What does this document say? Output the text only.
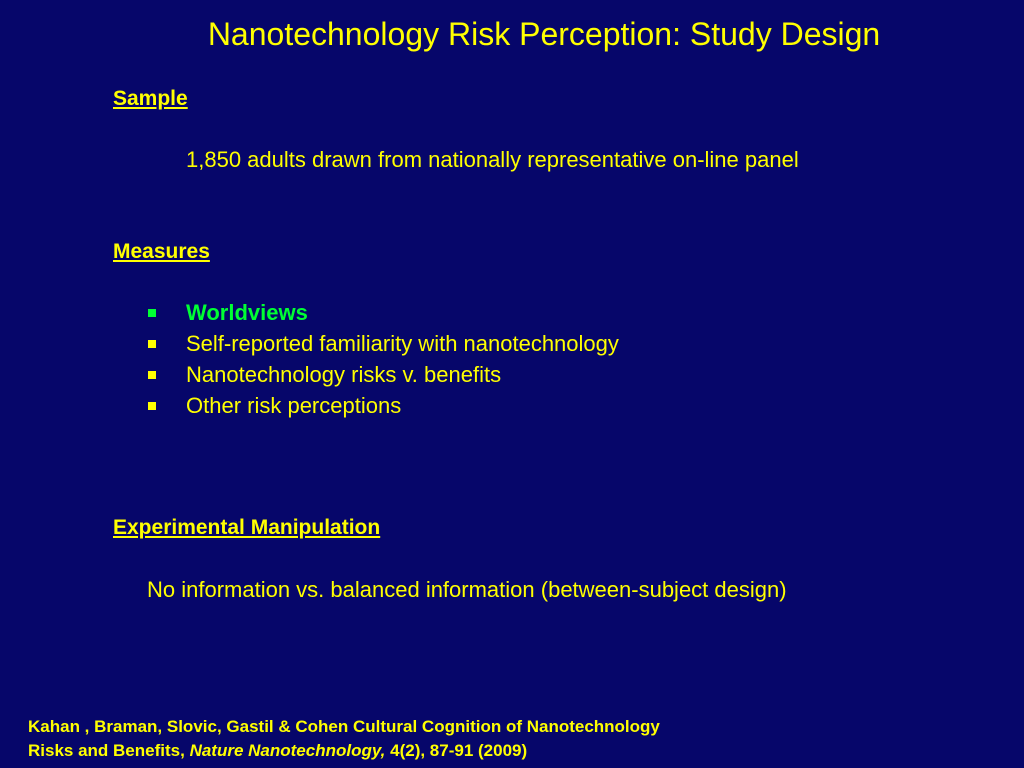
Nanotechnology Risk Perception: Study Design
Sample
1,850 adults drawn from nationally representative on-line panel
Measures
Worldviews
Self-reported familiarity with nanotechnology
Nanotechnology risks v. benefits
Other risk perceptions
Experimental Manipulation
No information vs. balanced information (between-subject design)
Kahan , Braman, Slovic, Gastil & Cohen Cultural Cognition of Nanotechnology
Risks and Benefits, Nature Nanotechnology, 4(2), 87-91 (2009)
